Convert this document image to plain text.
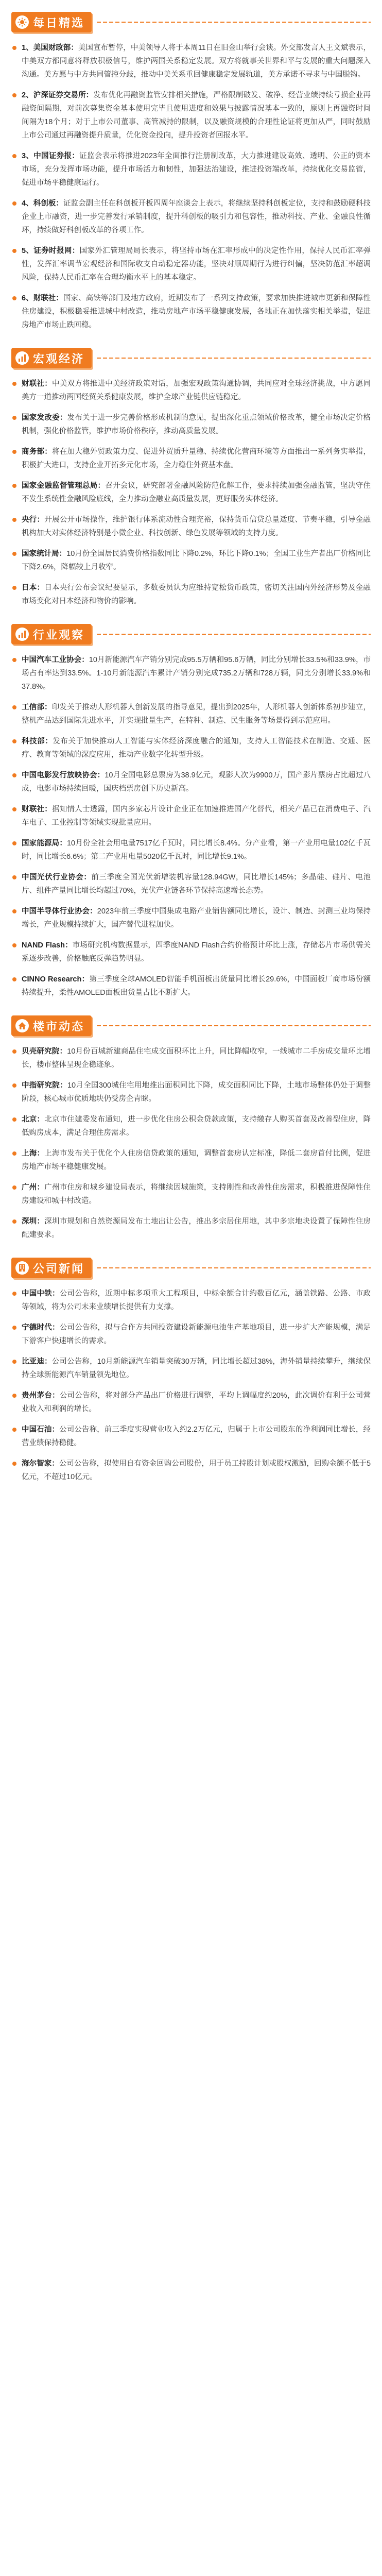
每日精选
1、美国财政部：美国宣布暂停，中美领导人将于本周11日在旧金山举行会谈。外交部发言人王文斌表示，中美双方都同意将释放积极信号，维护两国关系稳定发展。双方将就事关世界和平与发展的重大问题深入沟通。美方愿与中方共同管控分歧，推动中美关系重回健康稳定发展轨道，美方承诺不寻求与中国脱钩。
2、沪深证券交易所：发布优化再融资监管安排相关措施，严格限制破发、破净、经营业绩持续亏损企业再融资间隔期，对前次募集资金基本使用完毕且使用进度和效果与披露情况基本一致的，原则上再融资时间间隔为18个月；对于上市公司董事、高管减持的限制，以及融资规模的合理性论证将更加从严，同时鼓励上市公司通过再融资提升质量，优化资金投向，提升投资者回报水平。
3、中国证券报：证监会表示将推进2023年全面推行注册制改革，大力推进建设高效、透明、公正的资本市场，充分发挥市场功能，提升市场活力和韧性，加强法治建设，推进投资端改革，持续优化交易监管，促进市场平稳健康运行。
4、科创板：证监会副主任在科创板开板四周年座谈会上表示，将继续坚持科创板定位，支持和鼓励硬科技企业上市融资，进一步完善发行承销制度，提升科创板的吸引力和包容性，推动科技、产业、金融良性循环，持续做好科创板改革的各项工作。
5、证券时报网：国家外汇管理局局长表示，将坚持市场在汇率形成中的决定性作用，保持人民币汇率弹性，发挥汇率调节宏观经济和国际收支自动稳定器功能，坚决对顺周期行为进行纠偏，坚决防范汇率超调风险，保持人民币汇率在合理均衡水平上的基本稳定。
6、财联社：国家、高铁等部门及地方政府，近期发布了一系列支持政策，要求加快推进城市更新和保障性住房建设，积极稳妥推进城中村改造，推动房地产市场平稳健康发展，各地正在加快落实相关举措，促进房地产市场止跌回稳。
宏观经济
财联社：中美双方将推进中美经济政策对话，加强宏观政策沟通协调，共同应对全球经济挑战，中方愿同美方一道推动两国经贸关系健康发展，维护全球产业链供应链稳定。
国家发改委：发布关于进一步完善价格形成机制的意见，提出深化重点领域价格改革，健全市场决定价格机制，强化价格监管，维护市场价格秩序，推动高质量发展。
商务部：将在加大稳外贸政策力度、促进外贸质升量稳、持续优化营商环境等方面推出一系列务实举措，积极扩大进口，支持企业开拓多元化市场，全力稳住外贸基本盘。
国家金融监督管理总局：召开会议，研究部署金融风险防范化解工作，要求持续加强金融监管，坚决守住不发生系统性金融风险底线，全力推动金融业高质量发展，更好服务实体经济。
央行：开展公开市场操作，维护银行体系流动性合理充裕，保持货币信贷总量适度、节奏平稳，引导金融机构加大对实体经济特别是小微企业、科技创新、绿色发展等领域的支持力度。
国家统计局：10月份全国居民消费价格指数同比下降0.2%，环比下降0.1%；全国工业生产者出厂价格同比下降2.6%，降幅较上月收窄。
日本：日本央行公布会议纪要显示，多数委员认为应维持宽松货币政策，密切关注国内外经济形势及金融市场变化对日本经济和物价的影响。
行业观察
中国汽车工业协会：10月新能源汽车产销分别完成95.5万辆和95.6万辆，同比分别增长33.5%和33.9%，市场占有率达到33.5%。1-10月新能源汽车累计产销分别完成735.2万辆和728万辆，同比分别增长33.9%和37.8%。
工信部：印发关于推动人形机器人创新发展的指导意见，提出到2025年，人形机器人创新体系初步建立，整机产品达到国际先进水平，并实现批量生产，在特种、制造、民生服务等场景得到示范应用。
科技部：发布关于加快推动人工智能与实体经济深度融合的通知，支持人工智能技术在制造、交通、医疗、教育等领域的深度应用，推动产业数字化转型升级。
中国电影发行放映协会：10月全国电影总票房为38.9亿元，观影人次为9900万，国产影片票房占比超过八成，电影市场持续回暖，国庆档票房创下历史新高。
财联社：据知情人士透露，国内多家芯片设计企业正在加速推进国产化替代，相关产品已在消费电子、汽车电子、工业控制等领域实现批量应用。
国家能源局：10月份全社会用电量7517亿千瓦时，同比增长8.4%。分产业看，第一产业用电量102亿千瓦时，同比增长6.6%；第二产业用电量5020亿千瓦时，同比增长9.1%。
中国光伏行业协会：前三季度全国光伏新增装机容量128.94GW，同比增长145%；多晶硅、硅片、电池片、组件产量同比增长均超过70%，光伏产业链各环节保持高速增长态势。
中国半导体行业协会：2023年前三季度中国集成电路产业销售额同比增长，设计、制造、封测三业均保持增长，产业规模持续扩大，国产替代进程加快。
NAND Flash：市场研究机构数据显示，四季度NAND Flash合约价格预计环比上涨，存储芯片市场供需关系逐步改善，价格触底反弹趋势明显。
CINNO Research：第三季度全球AMOLED智能手机面板出货量同比增长29.6%，中国面板厂商市场份额持续提升，柔性AMOLED面板出货量占比不断扩大。
楼市动态
贝壳研究院：10月份百城新建商品住宅成交面积环比上升，同比降幅收窄，一线城市二手房成交量环比增长，楼市整体呈现企稳迹象。
中指研究院：10月全国300城住宅用地推出面积同比下降，成交面积同比下降，土地市场整体仍处于调整阶段，核心城市优质地块仍受房企青睐。
北京：北京市住建委发布通知，进一步优化住房公积金贷款政策，支持缴存人购买首套及改善型住房，降低购房成本，满足合理住房需求。
上海：上海市发布关于优化个人住房信贷政策的通知，调整首套房认定标准，降低二套房首付比例，促进房地产市场平稳健康发展。
广州：广州市住房和城乡建设局表示，将继续因城施策，支持刚性和改善性住房需求，积极推进保障性住房建设和城中村改造。
深圳：深圳市规划和自然资源局发布土地出让公告，推出多宗居住用地，其中多宗地块设置了保障性住房配建要求。
公司新闻
中国中铁：公司公告称，近期中标多项重大工程项目，中标金额合计约数百亿元，涵盖铁路、公路、市政等领域，将为公司未来业绩增长提供有力支撑。
宁德时代：公司公告称，拟与合作方共同投资建设新能源电池生产基地项目，进一步扩大产能规模，满足下游客户快速增长的需求。
比亚迪：公司公告称，10月新能源汽车销量突破30万辆，同比增长超过38%，海外销量持续攀升，继续保持全球新能源汽车销量领先地位。
贵州茅台：公司公告称，将对部分产品出厂价格进行调整，平均上调幅度约20%，此次调价有利于公司营业收入和利润的增长。
中国石油：公司公告称，前三季度实现营业收入约2.2万亿元，归属于上市公司股东的净利润同比增长，经营业绩保持稳健。
海尔智家：公司公告称，拟使用自有资金回购公司股份，用于员工持股计划或股权激励，回购金额不低于5亿元，不超过10亿元。
